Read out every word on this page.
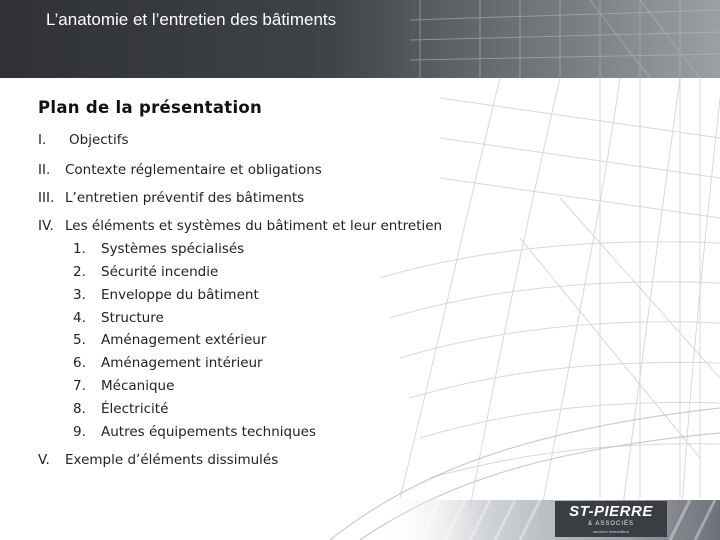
L’anatomie et l’entretien des bâtiments
Plan de la présentation
I. Objectifs
II. Contexte réglementaire et obligations
III. L’entretien préventif des bâtiments
IV. Les éléments et systèmes du bâtiment et leur entretien
1. Systèmes spécialisés
2. Sécurité incendie
3. Enveloppe du bâtiment
4. Structure
5. Aménagement extérieur
6. Aménagement intérieur
7. Mécanique
8. Électricité
9. Autres équipements techniques
V. Exemple d’éléments dissimulés
ST-PIERRE
& ASSOCIÉS
services immobiliers
